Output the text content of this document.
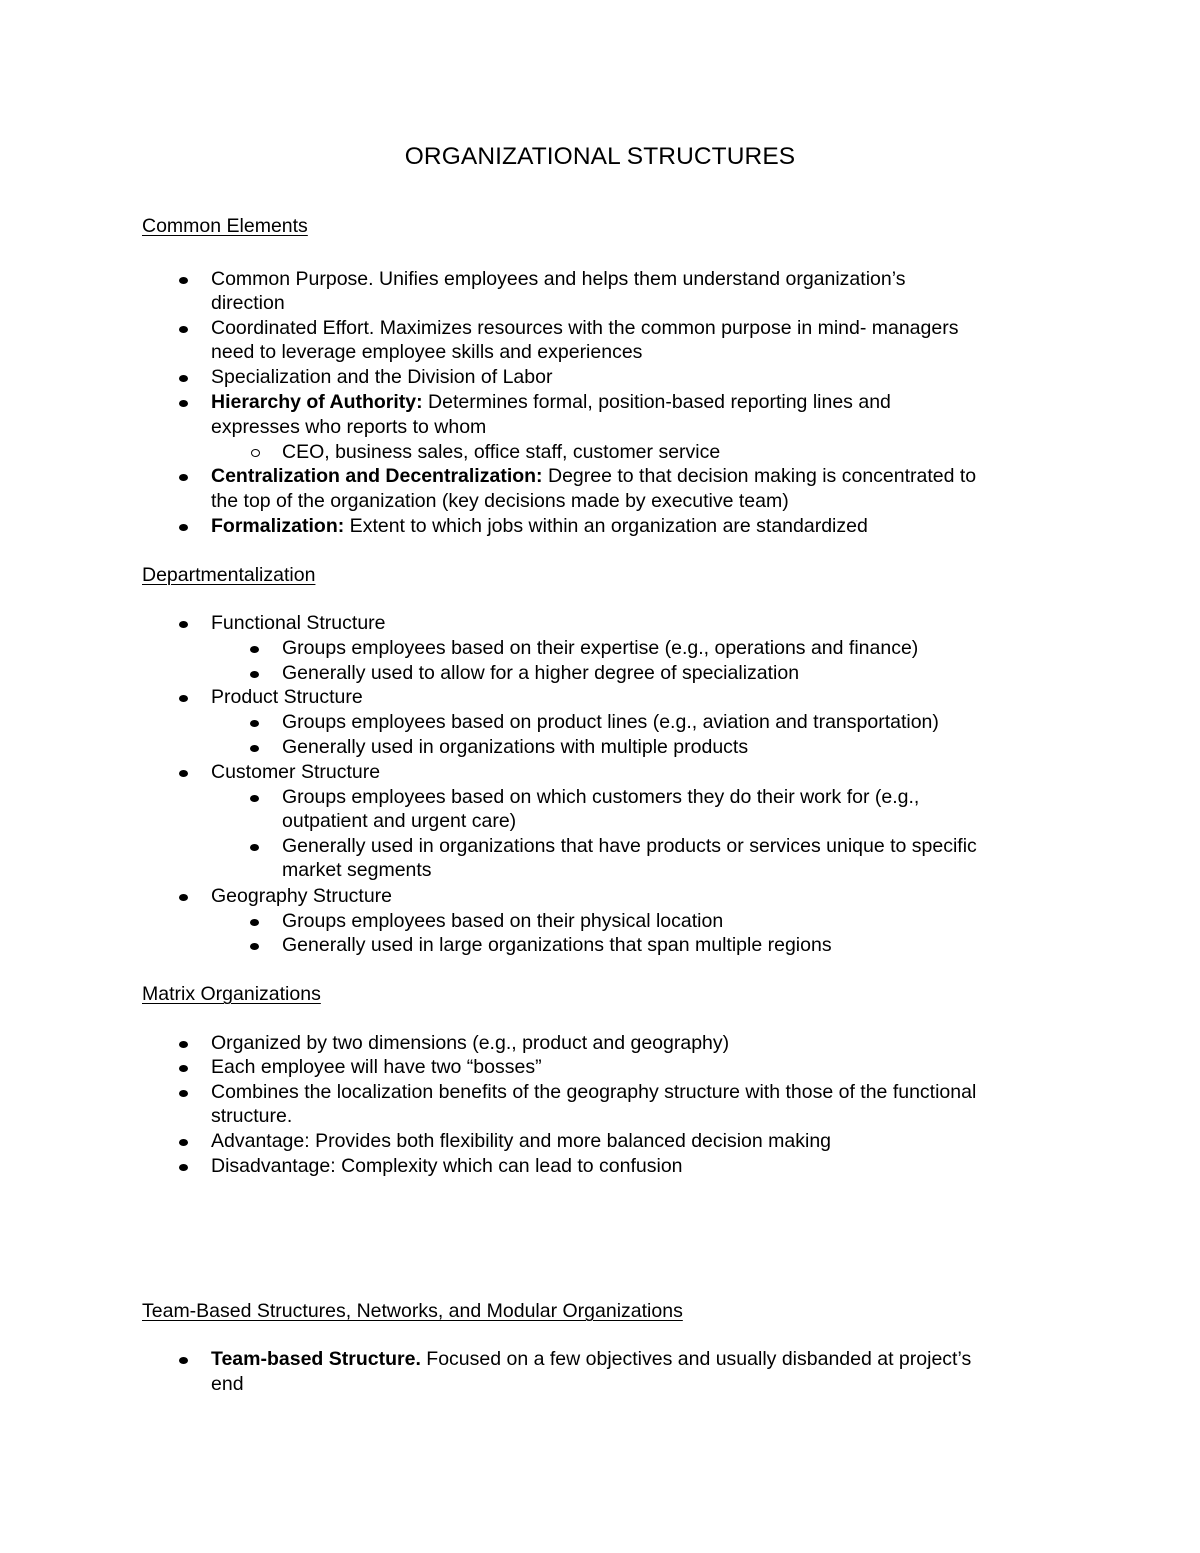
ORGANIZATIONAL STRUCTURES
Common Elements
Common Purpose. Unifies employees and helps them understand organization’s
direction
Coordinated Effort. Maximizes resources with the common purpose in mind- managers
need to leverage employee skills and experiences
Specialization and the Division of Labor
Hierarchy of Authority: Determines formal, position-based reporting lines and
expresses who reports to whom
CEO, business sales, office staff, customer service
Centralization and Decentralization: Degree to that decision making is concentrated to
the top of the organization (key decisions made by executive team)
Formalization: Extent to which jobs within an organization are standardized
Departmentalization
Functional Structure
Groups employees based on their expertise (e.g., operations and finance)
Generally used to allow for a higher degree of specialization
Product Structure
Groups employees based on product lines (e.g., aviation and transportation)
Generally used in organizations with multiple products
Customer Structure
Groups employees based on which customers they do their work for (e.g.,
outpatient and urgent care)
Generally used in organizations that have products or services unique to specific
market segments
Geography Structure
Groups employees based on their physical location
Generally used in large organizations that span multiple regions
Matrix Organizations
Organized by two dimensions (e.g., product and geography)
Each employee will have two “bosses”
Combines the localization benefits of the geography structure with those of the functional
structure.
Advantage: Provides both flexibility and more balanced decision making
Disadvantage: Complexity which can lead to confusion
Team-Based Structures, Networks, and Modular Organizations
Team-based Structure. Focused on a few objectives and usually disbanded at project’s
end
